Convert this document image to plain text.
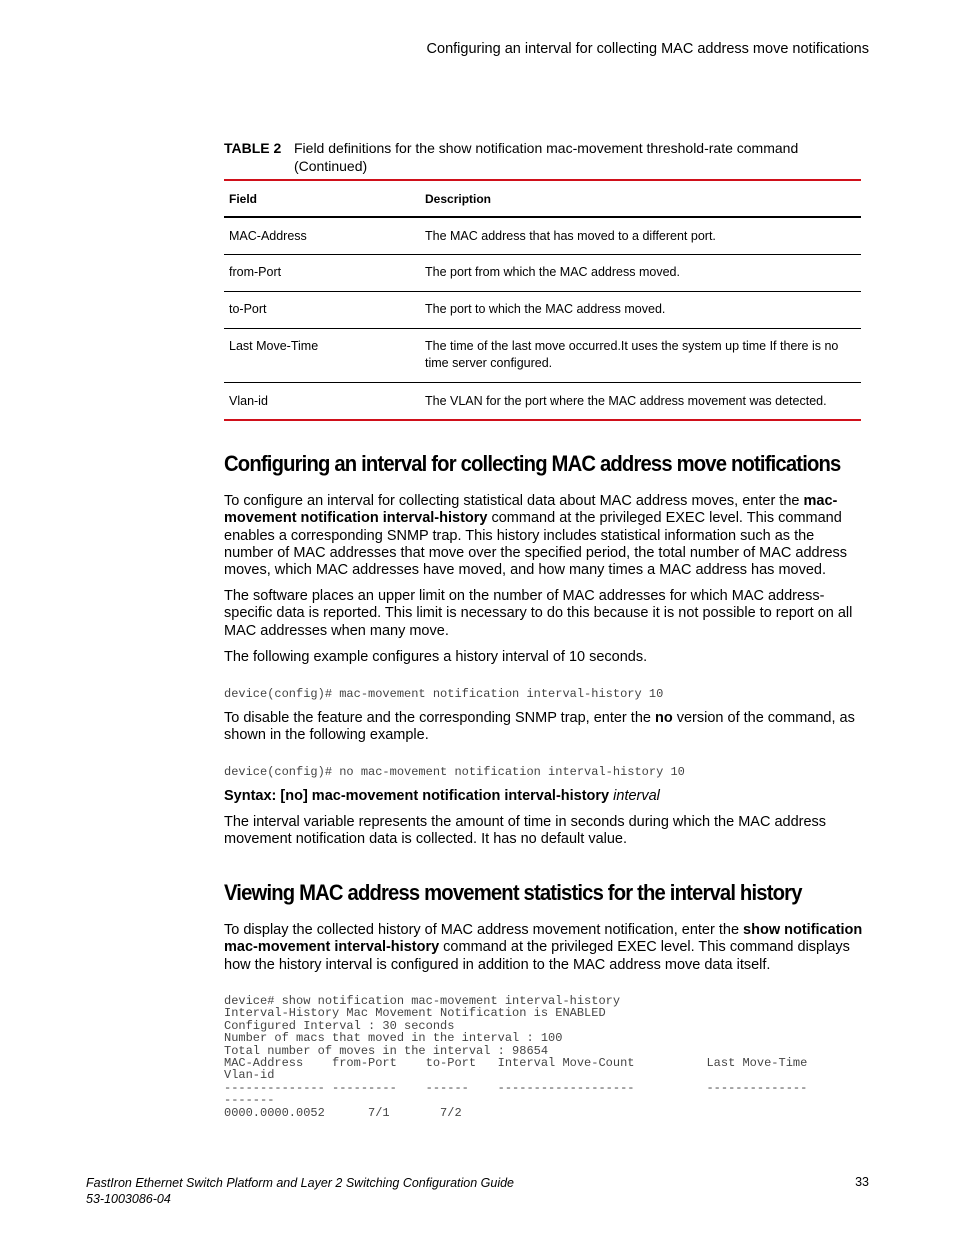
Configuring an interval for collecting MAC address move notifications
TABLE 2 Field definitions for the show notification mac-movement threshold-rate command (Continued)
Field	Description
MAC-Address	The MAC address that has moved to a different port.
from-Port	The port from which the MAC address moved.
to-Port	The port to which the MAC address moved.
Last Move-Time	The time of the last move occurred.It uses the system up time If there is no time server configured.
Vlan-id	The VLAN for the port where the MAC address movement was detected.
Configuring an interval for collecting MAC address move notifications
To configure an interval for collecting statistical data about MAC address moves, enter the mac-movement notification interval-history command at the privileged EXEC level. This command enables a corresponding SNMP trap. This history includes statistical information such as the number of MAC addresses that move over the specified period, the total number of MAC address moves, which MAC addresses have moved, and how many times a MAC address has moved.
The software places an upper limit on the number of MAC addresses for which MAC address-specific data is reported. This limit is necessary to do this because it is not possible to report on all MAC addresses when many move.
The following example configures a history interval of 10 seconds.
device(config)# mac-movement notification interval-history 10
To disable the feature and the corresponding SNMP trap, enter the no version of the command, as shown in the following example.
device(config)# no mac-movement notification interval-history 10
Syntax: [no] mac-movement notification interval-history interval
The interval variable represents the amount of time in seconds during which the MAC address movement notification data is collected. It has no default value.
Viewing MAC address movement statistics for the interval history
To display the collected history of MAC address movement notification, enter the show notification mac-movement interval-history command at the privileged EXEC level. This command displays how the history interval is configured in addition to the MAC address move data itself.
device# show notification mac-movement interval-history
Interval-History Mac Movement Notification is ENABLED
Configured Interval : 30 seconds
Number of macs that moved in the interval : 100
Total number of moves in the interval : 98654
MAC-Address    from-Port    to-Port   Interval Move-Count          Last Move-Time
Vlan-id
-------------- ---------    ------    -------------------          --------------
-------
0000.0000.0052      7/1       7/2
FastIron Ethernet Switch Platform and Layer 2 Switching Configuration Guide
53-1003086-04
33
